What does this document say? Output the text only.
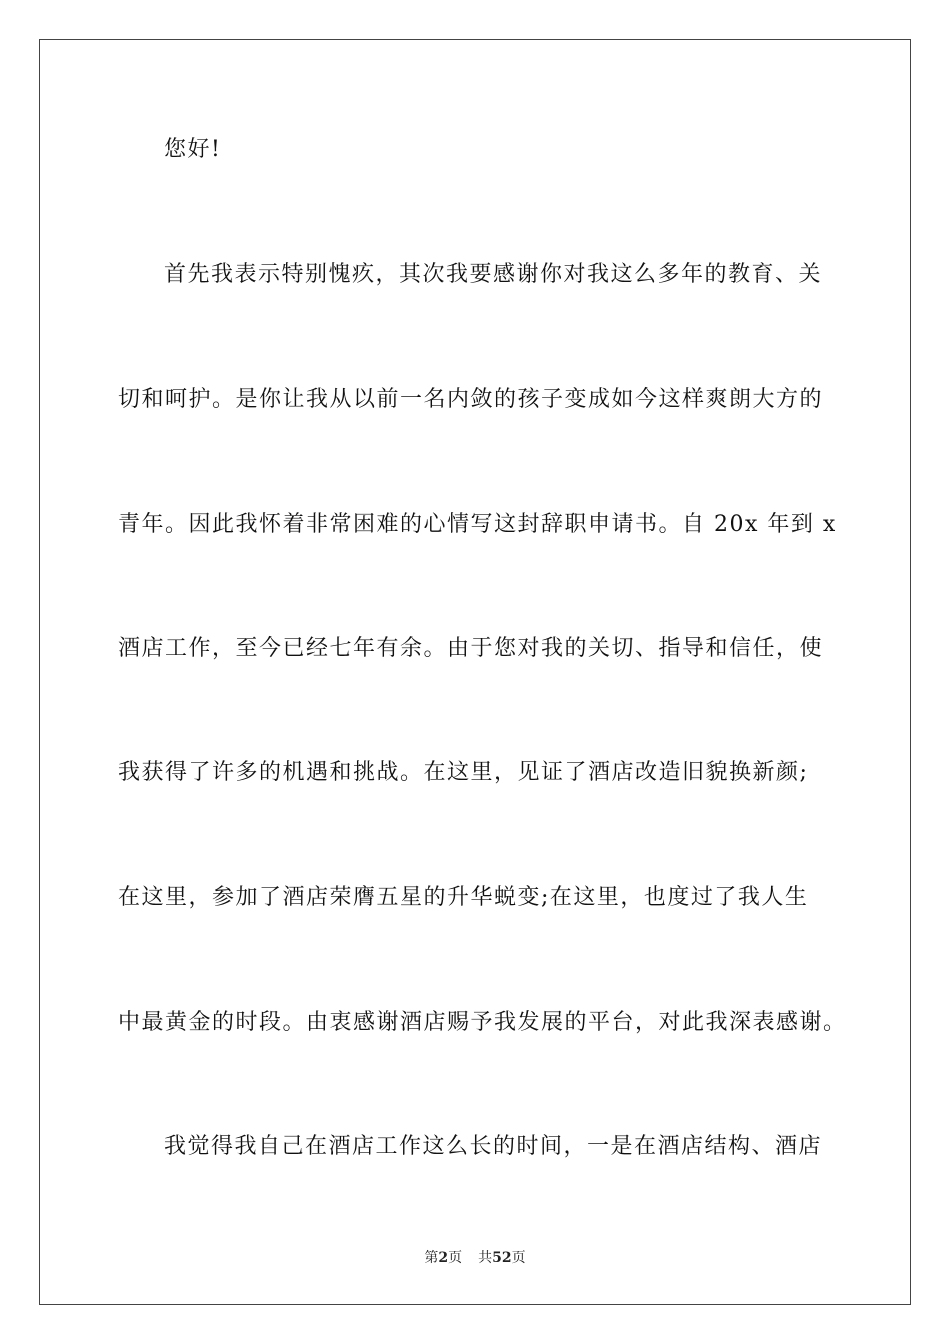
您好!
首先我表示特别愧疚，其次我要感谢你对我这么多年的教育、关
切和呵护。是你让我从以前一名内敛的孩子变成如今这样爽朗大方的
青年。因此我怀着非常困难的心情写这封辞职申请书。自 20x 年到 x
酒店工作，至今已经七年有余。由于您对我的关切、指导和信任，使
我获得了许多的机遇和挑战。在这里，见证了酒店改造旧貌换新颜;
在这里，参加了酒店荣膺五星的升华蜕变;在这里，也度过了我人生
中最黄金的时段。由衷感谢酒店赐予我发展的平台，对此我深表感谢。
我觉得我自己在酒店工作这么长的时间，一是在酒店结构、酒店
第2页 共52页
